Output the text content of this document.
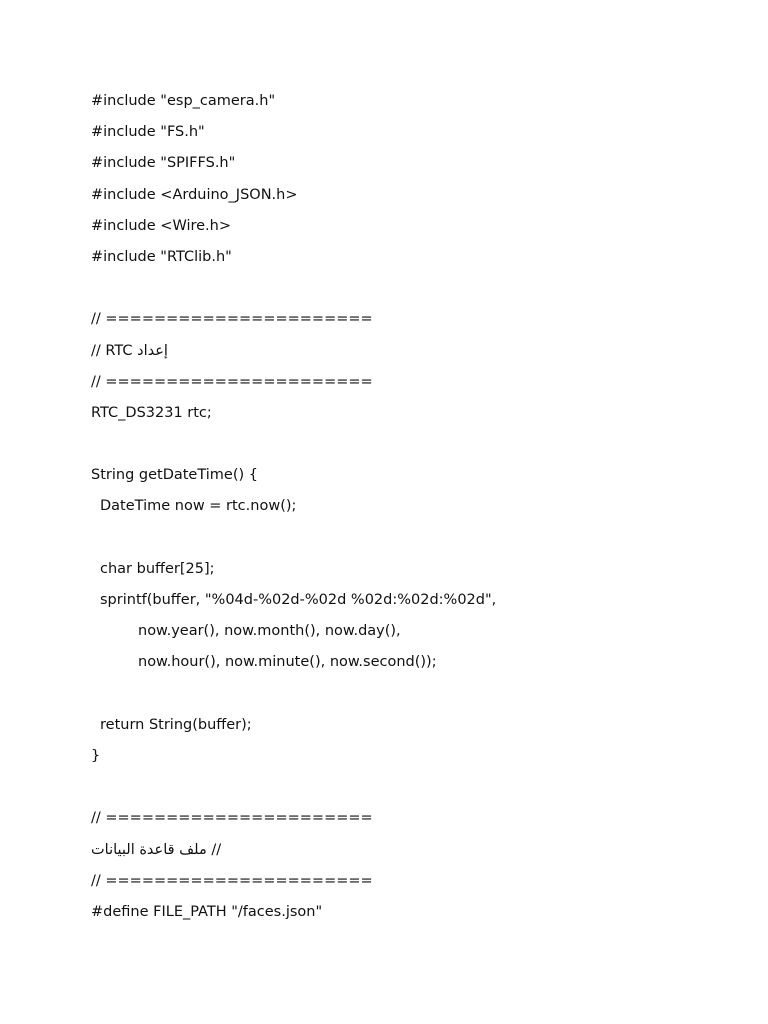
#include "esp_camera.h"
#include "FS.h"
#include "SPIFFS.h"
#include <Arduino_JSON.h>
#include <Wire.h>
#include "RTClib.h"
// ======================
// RTC إعداد
// ======================
RTC_DS3231 rtc;
String getDateTime() {
DateTime now = rtc.now();
char buffer[25];
sprintf(buffer, "%04d-%02d-%02d %02d:%02d:%02d",
now.year(), now.month(), now.day(),
now.hour(), now.minute(), now.second());
return String(buffer);
}
// ======================
// ملف قاعدة البيانات
// ======================
#define FILE_PATH "/faces.json"
